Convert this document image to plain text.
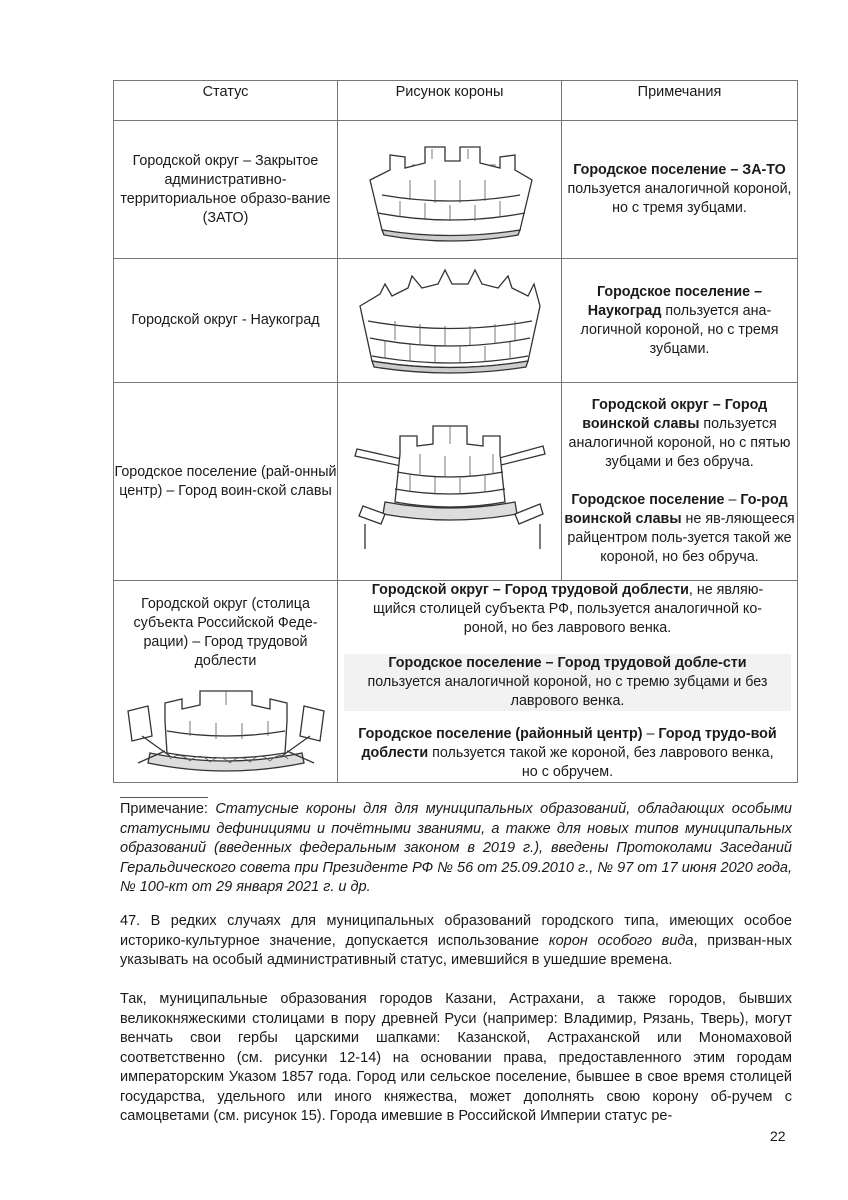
Статус	Рисунок короны	Примечания
Городской округ – Закрытое административно-территориальное образо-вание (ЗАТО)		Городское поселение – ЗА-ТО пользуется аналогичной короной, но с тремя зубцами.
Городской округ - Наукоград		Городское поселение – Наукоград пользуется ана-логичной короной, но с тремя зубцами.
Городское поселение (рай-онный центр) – Город воин-ской славы		Городской округ – Город воинской славы пользуется аналогичной короной, но с пятью зубцами и без обруча.
Городское поселение – Го-род воинской славы не яв-ляющееся райцентром поль-зуется такой же короной, но без обруча.

Городской округ (столица субъекта Российской Феде-рации) – Город трудовой доблести	Городской округ – Город трудовой доблести, не являю-щийся столицей субъекта РФ, пользуется аналогичной ко-роной, но без лаврового венка.
Городское поселение – Город трудовой добле-сти пользуется аналогичной короной, но с тремю зубцами и без лаврового венка.
Городское поселение (районный центр) – Город трудо-вой доблести пользуется такой же короной, без лаврового венка, но с обручем.	
Примечание: Статусные короны для для муниципальных образований, обладающих особыми статусными дефинициями и почётными званиями, а также для новых типов муниципальных образований (введенных федеральным законом в 2019 г.), введены Протоколами Заседаний Геральдического совета при Президенте РФ № 56 от 25.09.2010 г., № 97 от 17 июня 2020 года, № 100-кт от 29 января 2021 г. и др.
47. В редких случаях для муниципальных образований городского типа, имеющих особое историко-культурное значение, допускается использование корон особого вида, призван-ных указывать на особый административный статус, имевшийся в ушедшие времена.
Так, муниципальные образования городов Казани, Астрахани, а также городов, бывших великокняжескими столицами в пору древней Руси (например: Владимир, Рязань, Тверь), могут венчать свои гербы царскими шапками: Казанской, Астраханской или Мономаховой соответственно (см. рисунки 12-14) на основании права, предоставленного этим городам императорским Указом 1857 года. Город или сельское поселение, бывшее в свое время столицей государства, удельного или иного княжества, может дополнять свою корону об-ручем с самоцветами (см. рисунок 15). Города имевшие в Российской Империи статус ре-
22
